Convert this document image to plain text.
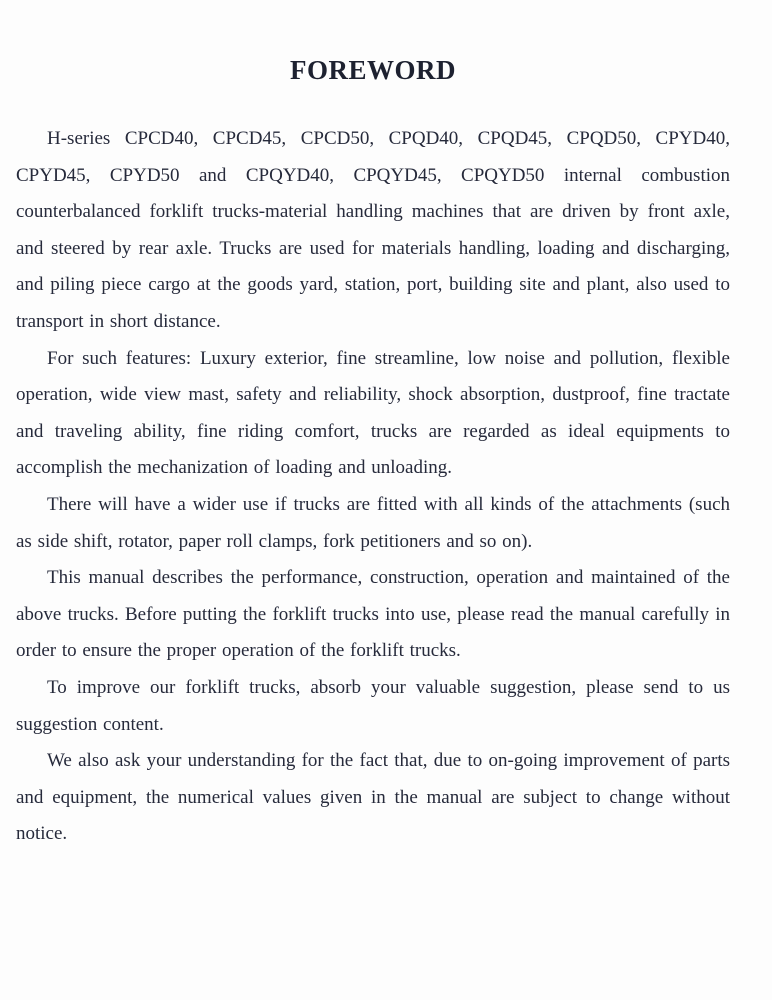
FOREWORD

H-series CPCD40, CPCD45, CPCD50, CPQD40, CPQD45, CPQD50, CPYD40, CPYD45, CPYD50 and CPQYD40, CPQYD45, CPQYD50 internal combustion counterbalanced forklift trucks-material handling machines that are driven by front axle, and steered by rear axle. Trucks are used for materials handling, loading and discharging, and piling piece cargo at the goods yard, station, port, building site and plant, also used to transport in short distance.

For such features: Luxury exterior, fine streamline, low noise and pollution, flexible operation, wide view mast, safety and reliability, shock absorption, dustproof, fine tractate and traveling ability, fine riding comfort, trucks are regarded as ideal equipments to accomplish the mechanization of loading and unloading.

There will have a wider use if trucks are fitted with all kinds of the attachments (such as side shift, rotator, paper roll clamps, fork petitioners and so on).

This manual describes the performance, construction, operation and maintained of the above trucks. Before putting the forklift trucks into use, please read the manual carefully in order to ensure the proper operation of the forklift trucks.

To improve our forklift trucks, absorb your valuable suggestion, please send to us suggestion content.

We also ask your understanding for the fact that, due to on-going improvement of parts and equipment, the numerical values given in the manual are subject to change without notice.
